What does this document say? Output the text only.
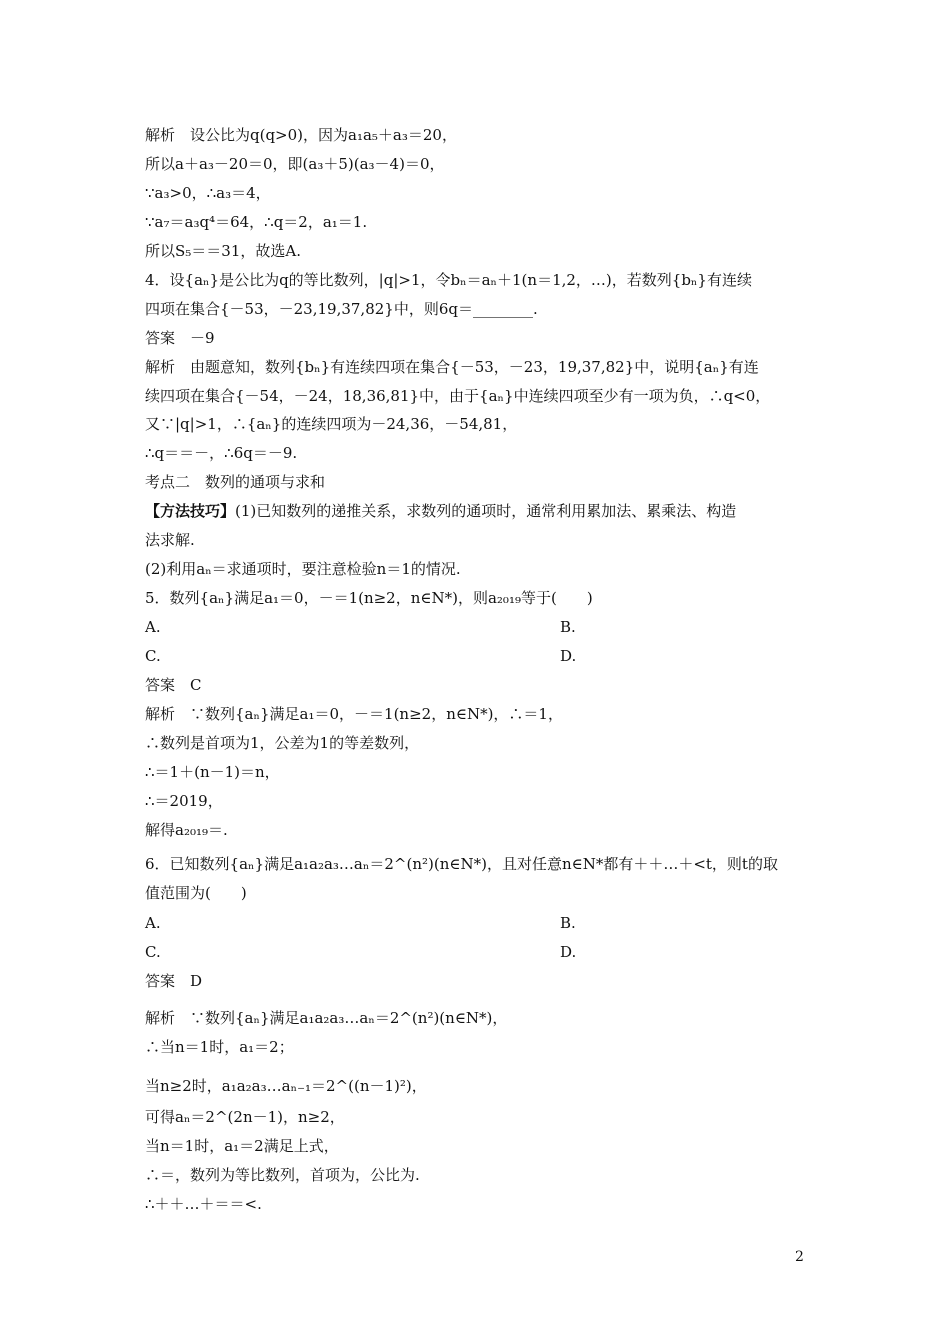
解析　设公比为q(q>0)，因为a₁a₅＋a₃＝20，
所以a＋a₃－20＝0，即(a₃＋5)(a₃－4)＝0，
∵a₃>0，∴a₃＝4，
∵a₇＝a₃q⁴＝64，∴q＝2，a₁＝1.
所以S₅＝＝31，故选A.
4．设{aₙ}是公比为q的等比数列，|q|>1，令bₙ＝aₙ＋1(n＝1,2，…)，若数列{bₙ}有连续
四项在集合{－53，－23,19,37,82}中，则6q＝________.
答案　－9
解析　由题意知，数列{bₙ}有连续四项在集合{－53，－23，19,37,82}中，说明{aₙ}有连
续四项在集合{－54，－24，18,36,81}中，由于{aₙ}中连续四项至少有一项为负，∴q<0，
又∵|q|>1，∴{aₙ}的连续四项为－24,36，－54,81，
∴q＝＝－，∴6q＝－9.
考点二　数列的通项与求和
【方法技巧】(1)已知数列的递推关系，求数列的通项时，通常利用累加法、累乘法、构造
法求解.
(2)利用aₙ＝求通项时，要注意检验n＝1的情况.
5．数列{aₙ}满足a₁＝0，－＝1(n≥2，n∈N*)，则a₂₀₁₉等于(　　)
A.	B.
C.	D.
答案　C
解析　∵数列{aₙ}满足a₁＝0，－＝1(n≥2，n∈N*)，∴＝1，
∴数列是首项为1，公差为1的等差数列，
∴＝1＋(n－1)＝n，
∴＝2019，
解得a₂₀₁₉＝.
6．已知数列{aₙ}满足a₁a₂a₃…aₙ＝2^(n²)(n∈N*)，且对任意n∈N*都有＋＋…＋<t，则t的取
值范围为(　　)
A.	B.
C.	D.
答案　D
解析　∵数列{aₙ}满足a₁a₂a₃…aₙ＝2^(n²)(n∈N*)，
∴当n＝1时，a₁＝2；
当n≥2时，a₁a₂a₃…aₙ₋₁＝2^((n－1)²)，
可得aₙ＝2^(2n－1)，n≥2，
当n＝1时，a₁＝2满足上式，
∴＝，数列为等比数列，首项为，公比为.
∴＋＋…＋＝＝<.
2
